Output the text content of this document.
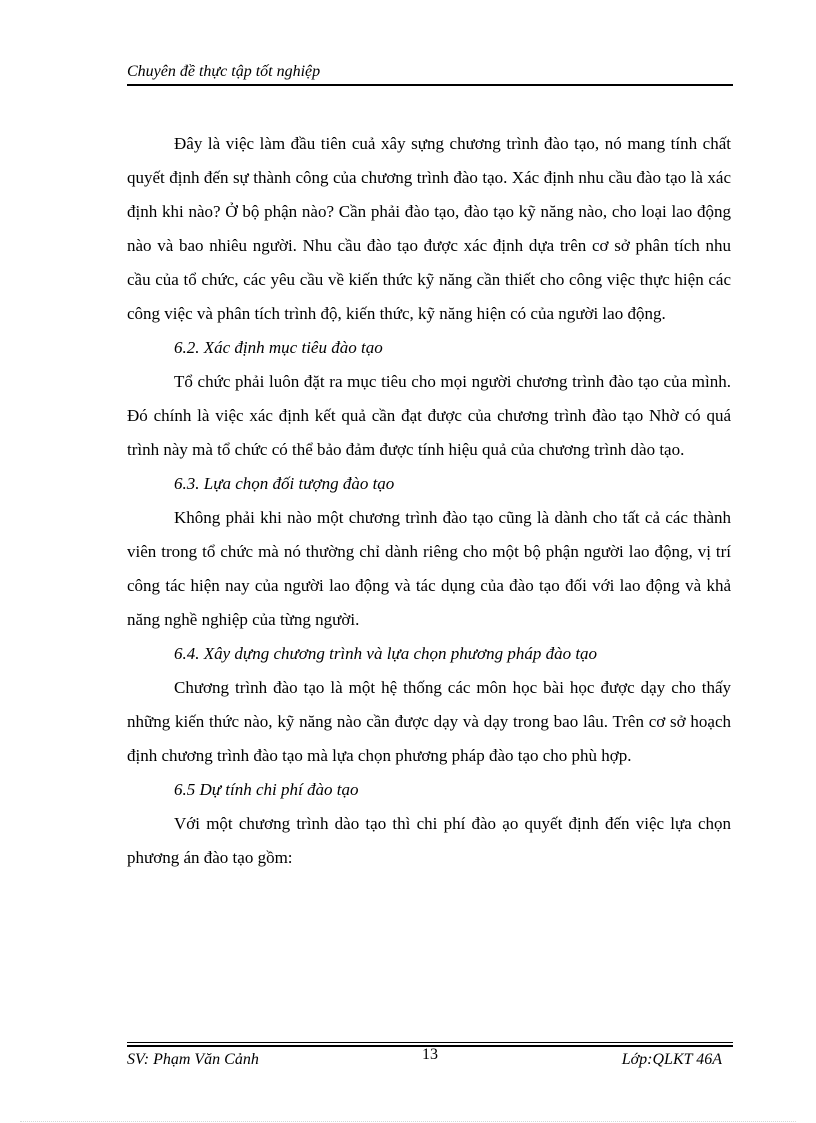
Chuyên đề thực tập tốt nghiệp

Đây là việc làm đầu tiên cuả xây sựng chương trình đào tạo, nó mang tính chất quyết định đến sự thành công của chương trình đào tạo. Xác định nhu cầu đào tạo là xác định khi nào? Ở bộ phận nào? Cần phải đào tạo, đào tạo kỹ năng nào, cho loại lao động nào và bao nhiêu người. Nhu cầu đào tạo được xác định dựa trên cơ sở phân tích nhu cầu của tổ chức, các yêu cầu về kiến thức kỹ năng cần thiết cho công việc thực hiện các công việc và phân tích trình độ, kiến thức, kỹ năng hiện có của người lao động.

6.2. Xác định mục tiêu đào tạo

Tổ chức phải luôn đặt ra mục tiêu cho mọi người chương trình đào tạo của mình. Đó chính là việc xác định kết quả cần đạt được của chương trình đào tạo Nhờ có quá trình này mà tổ chức có thể bảo đảm được tính hiệu quả của chương trình dào tạo.

6.3. Lựa chọn đối tượng đào tạo

Không phải khi nào một chương trình đào tạo cũng là dành cho tất cả các thành viên trong tổ chức mà nó thường chỉ dành riêng cho một bộ phận người lao động, vị trí công tác hiện nay của người lao động và tác dụng của đào tạo đối với lao động và khả năng nghề nghiệp của từng người.

6.4. Xây dựng chương trình và lựa chọn phương pháp đào tạo

Chương trình đào tạo là một hệ thống các môn học bài học được dạy cho thấy những kiến thức nào, kỹ năng nào cần được dạy và dạy trong bao lâu. Trên cơ sở hoạch định chương trình đào tạo mà lựa chọn phương pháp đào tạo cho phù hợp.

6.5 Dự tính chi phí đào tạo

Với một chương trình dào tạo thì chi phí đào ạo quyết định đến việc lựa chọn phương án đào tạo gồm:

SV: Phạm Văn Cảnh	13	Lớp:QLKT 46A
